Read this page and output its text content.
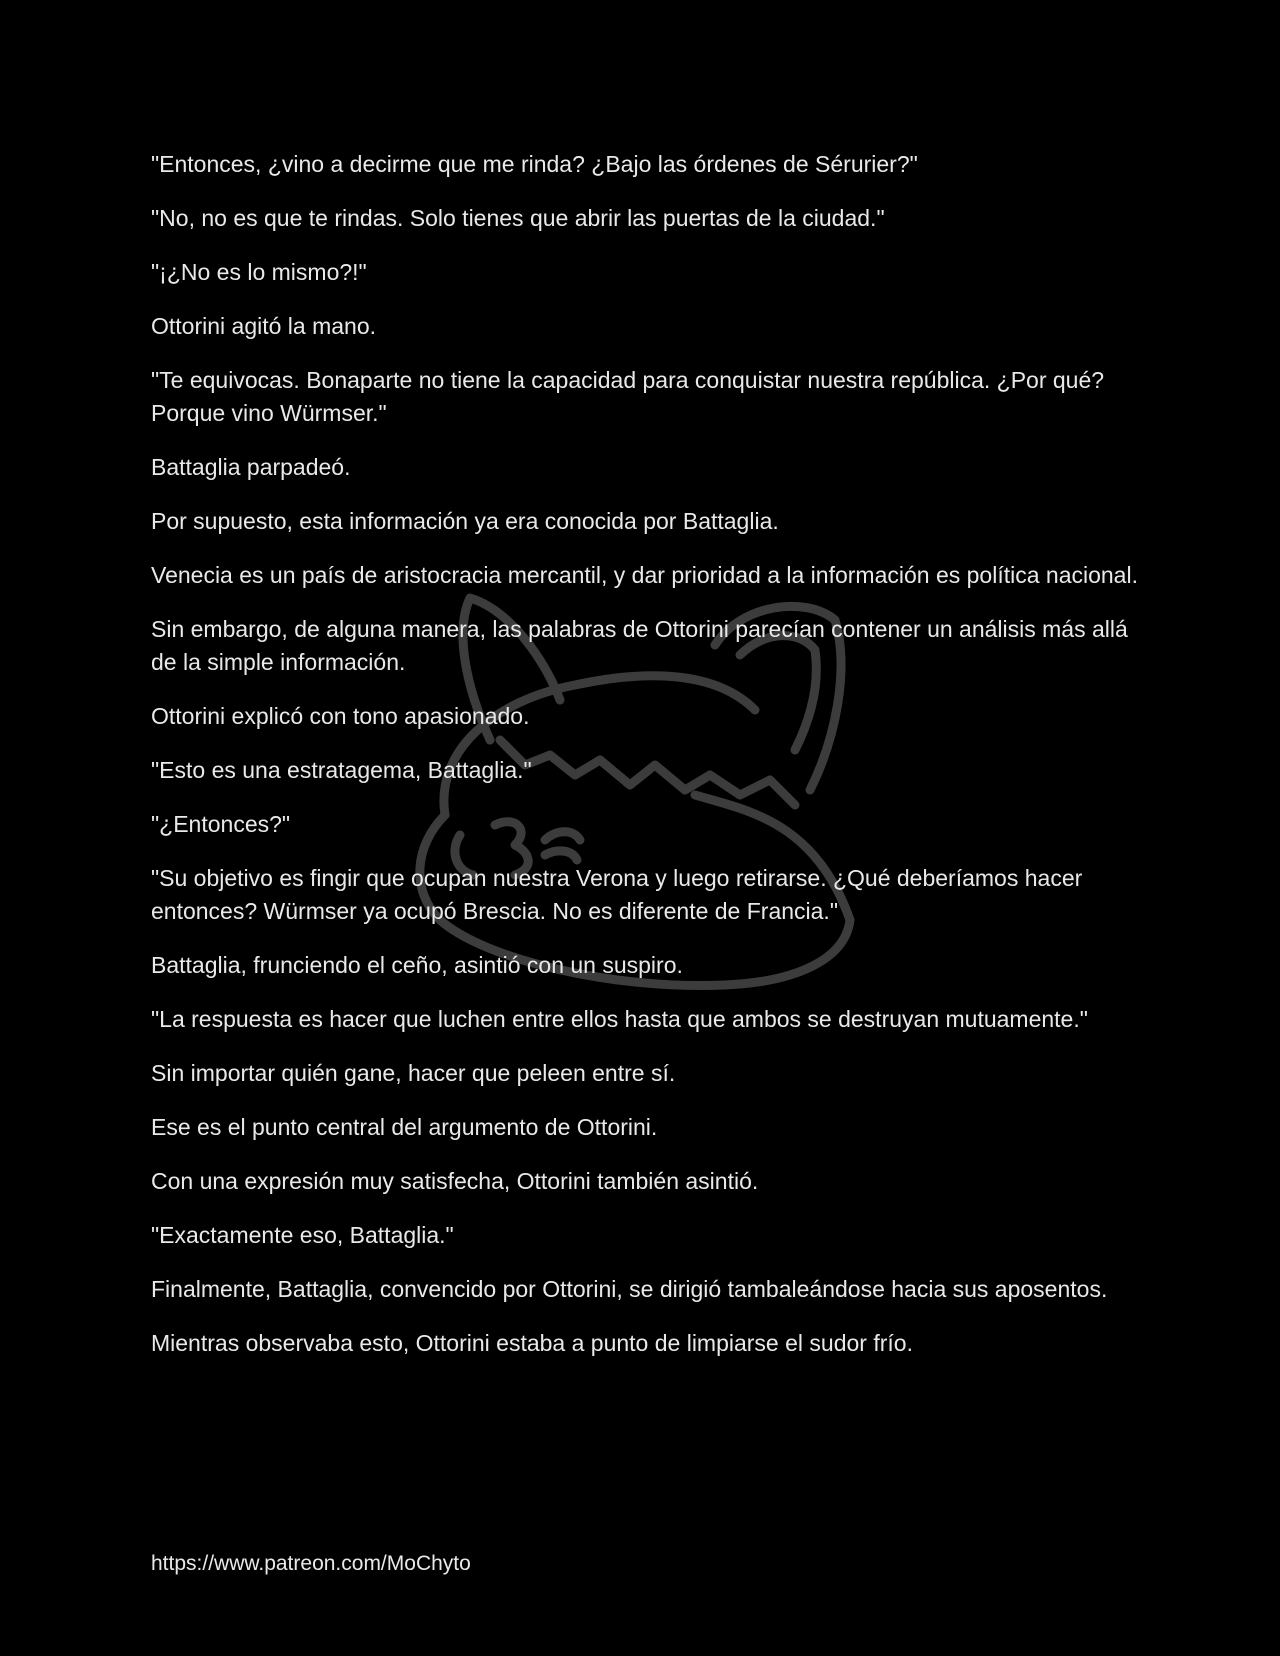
"Entonces, ¿vino a decirme que me rinda? ¿Bajo las órdenes de Sérurier?"

"No, no es que te rindas. Solo tienes que abrir las puertas de la ciudad."

"¡¿No es lo mismo?!"

Ottorini agitó la mano.

"Te equivocas. Bonaparte no tiene la capacidad para conquistar nuestra república. ¿Por qué? Porque vino Würmser."

Battaglia parpadeó.

Por supuesto, esta información ya era conocida por Battaglia.

Venecia es un país de aristocracia mercantil, y dar prioridad a la información es política nacional.

Sin embargo, de alguna manera, las palabras de Ottorini parecían contener un análisis más allá de la simple información.

Ottorini explicó con tono apasionado.

"Esto es una estratagema, Battaglia."

"¿Entonces?"

"Su objetivo es fingir que ocupan nuestra Verona y luego retirarse. ¿Qué deberíamos hacer entonces? Würmser ya ocupó Brescia. No es diferente de Francia."

Battaglia, frunciendo el ceño, asintió con un suspiro.

"La respuesta es hacer que luchen entre ellos hasta que ambos se destruyan mutuamente."

Sin importar quién gane, hacer que peleen entre sí.

Ese es el punto central del argumento de Ottorini.

Con una expresión muy satisfecha, Ottorini también asintió.

"Exactamente eso, Battaglia."

Finalmente, Battaglia, convencido por Ottorini, se dirigió tambaleándose hacia sus aposentos.

Mientras observaba esto, Ottorini estaba a punto de limpiarse el sudor frío.

https://www.patreon.com/MoChyto
